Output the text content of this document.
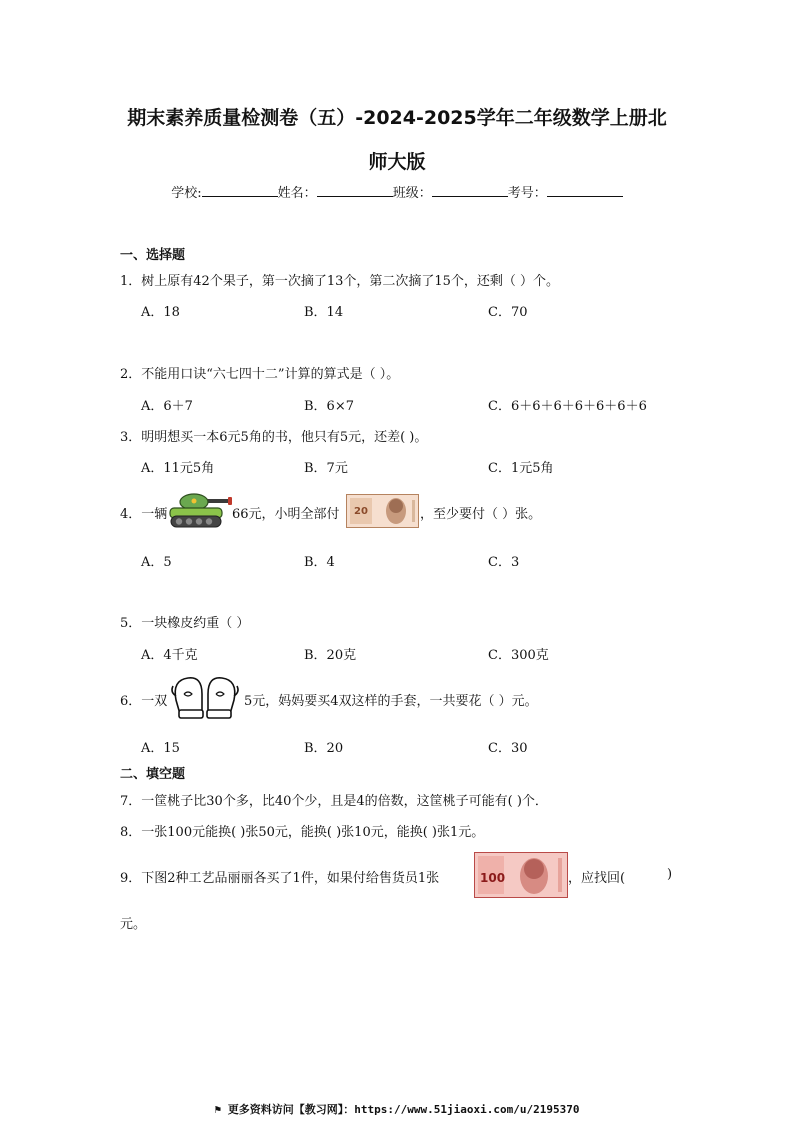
期末素养质量检测卷（五）-2024-2025学年二年级数学上册北
师大版
学校:	姓名：	班级：	考号：
一、选择题
1．树上原有42个果子，第一次摘了13个，第二次摘了15个，还剩（ ）个。
A．18	B．14	C．70
2．不能用口诀“六七四十二”计算的算式是（ ）。
A．6＋7	B．6×7	C．6＋6＋6＋6＋6＋6＋6
3．明明想买一本6元5角的书，他只有5元，还差( )。
A．11元5角	B．7元	C．1元5角
4．一辆	66元，小明全部付 20	，至少要付（ ）张。
A．5	B．4	C．3
5．一块橡皮约重（ ）
A．4千克	B．20克	C．300克
6．一双	5元，妈妈要买4双这样的手套，一共要花（ ）元。
A．15	B．20	C．30
二、填空题
7．一筐桃子比30个多，比40个少，且是4的倍数，这筐桃子可能有( )个．
8．一张100元能换( )张50元，能换( )张10元，能换( )张1元。
9．下图2种工艺品丽丽各买了1件，如果付给售货员1张	100	，应找回(	)
元。
⚑ 更多资料访问【教习网】：https://www.51jiaoxi.com/u/2195370
